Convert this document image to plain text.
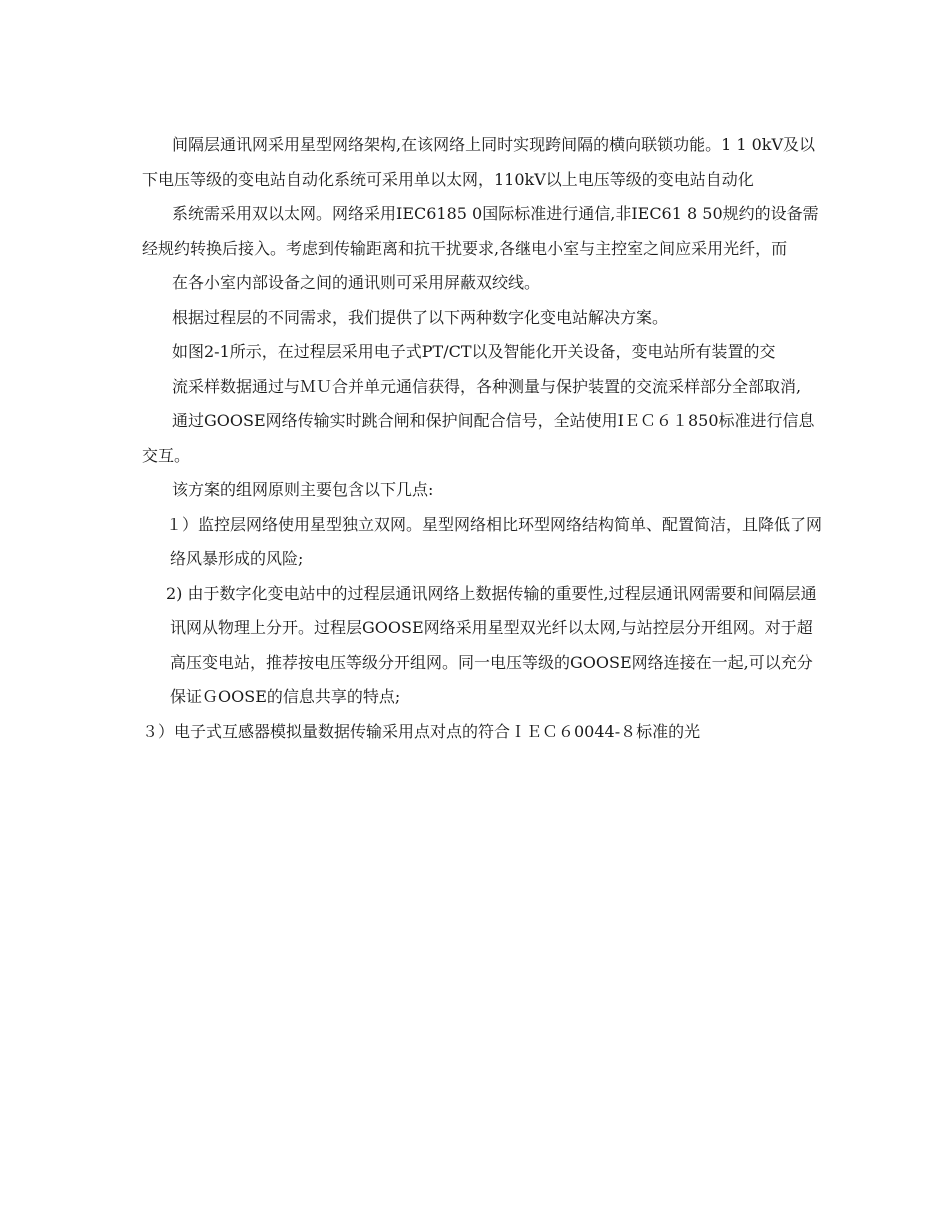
间隔层通讯网采用星型网络架构,在该网络上同时实现跨间隔的横向联锁功能。1 1 0kV及以下电压等级的变电站自动化系统可采用单以太网，110kV以上电压等级的变电站自动化

系统需采用双以太网。网络采用IEC6185 0国际标准进行通信,非IEC61 8 50规约的设备需经规约转换后接入。考虑到传输距离和抗干扰要求,各继电小室与主控室之间应采用光纤，而

在各小室内部设备之间的通讯则可采用屏蔽双绞线。

根据过程层的不同需求，我们提供了以下两种数字化变电站解决方案。

如图2-1所示，在过程层采用电子式PT/CT以及智能化开关设备，变电站所有装置的交

流采样数据通过与ＭＵ合并单元通信获得，各种测量与保护装置的交流采样部分全部取消,

通过GOOSE网络传输实时跳合闸和保护间配合信号，全站使用IＥＣ６１850标准进行信息交互。

该方案的组网原则主要包含以下几点:

１）监控层网络使用星型独立双网。星型网络相比环型网络结构简单、配置简洁，且降低了网络风暴形成的风险;

2) 由于数字化变电站中的过程层通讯网络上数据传输的重要性,过程层通讯网需要和间隔层通讯网从物理上分开。过程层GOOSE网络采用星型双光纤以太网,与站控层分开组网。对于超高压变电站，推荐按电压等级分开组网。同一电压等级的GOOSE网络连接在一起,可以充分保证ＧOOSE的信息共享的特点;

３）电子式互感器模拟量数据传输采用点对点的符合ＩＥＣ６0044-８标准的光
